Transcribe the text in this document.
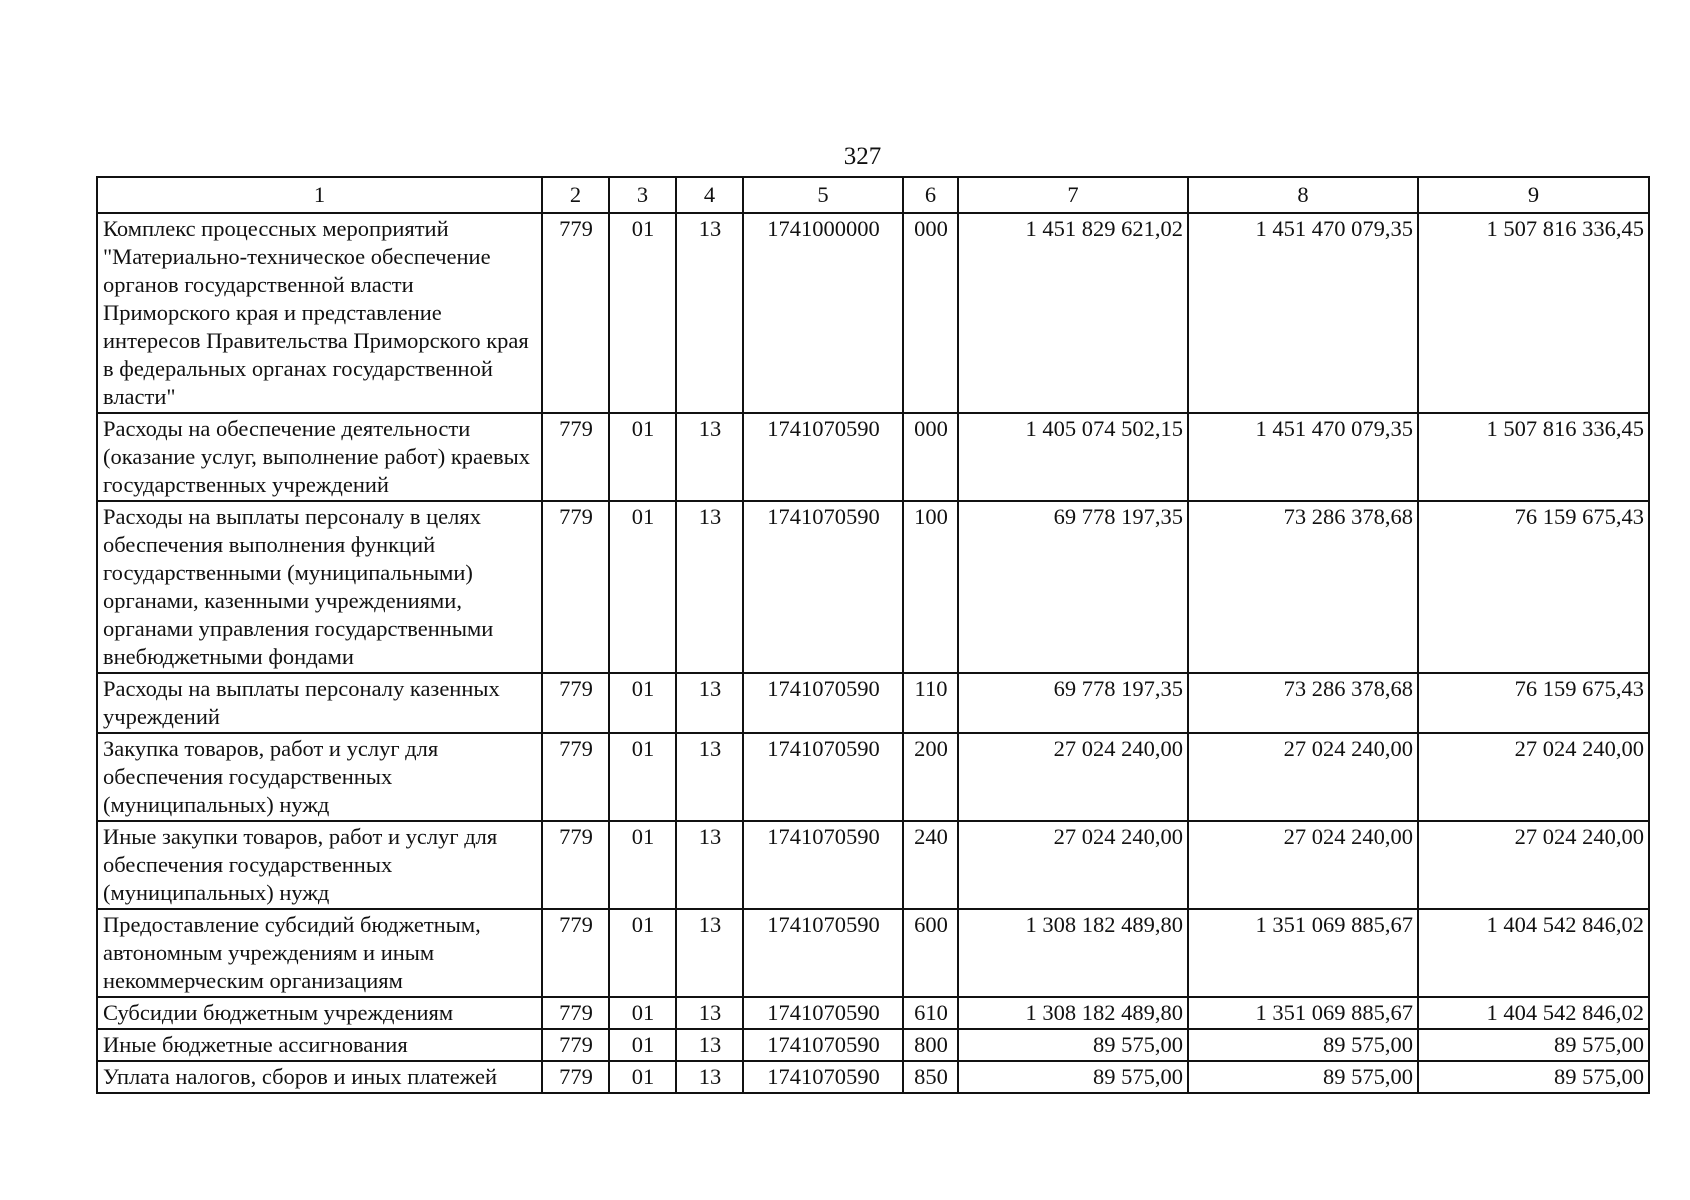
327
1	2	3	4	5	6	7	8	9
Комплекс процессных мероприятий "Материально-техническое обеспечение органов государственной власти Приморского края и представление интересов Правительства Приморского края в федеральных органах государственной власти"	779	01	13	1741000000	000	1 451 829 621,02	1 451 470 079,35	1 507 816 336,45
Расходы на обеспечение деятельности (оказание услуг, выполнение работ) краевых государственных учреждений	779	01	13	1741070590	000	1 405 074 502,15	1 451 470 079,35	1 507 816 336,45
Расходы на выплаты персоналу в целях обеспечения выполнения функций государственными (муниципальными) органами, казенными учреждениями, органами управления государственными внебюджетными фондами	779	01	13	1741070590	100	69 778 197,35	73 286 378,68	76 159 675,43
Расходы на выплаты персоналу казенных учреждений	779	01	13	1741070590	110	69 778 197,35	73 286 378,68	76 159 675,43
Закупка товаров, работ и услуг для обеспечения государственных (муниципальных) нужд	779	01	13	1741070590	200	27 024 240,00	27 024 240,00	27 024 240,00
Иные закупки товаров, работ и услуг для обеспечения государственных (муниципальных) нужд	779	01	13	1741070590	240	27 024 240,00	27 024 240,00	27 024 240,00
Предоставление субсидий бюджетным, автономным учреждениям и иным некоммерческим организациям	779	01	13	1741070590	600	1 308 182 489,80	1 351 069 885,67	1 404 542 846,02
Субсидии бюджетным учреждениям	779	01	13	1741070590	610	1 308 182 489,80	1 351 069 885,67	1 404 542 846,02
Иные бюджетные ассигнования	779	01	13	1741070590	800	89 575,00	89 575,00	89 575,00
Уплата налогов, сборов и иных платежей	779	01	13	1741070590	850	89 575,00	89 575,00	89 575,00
